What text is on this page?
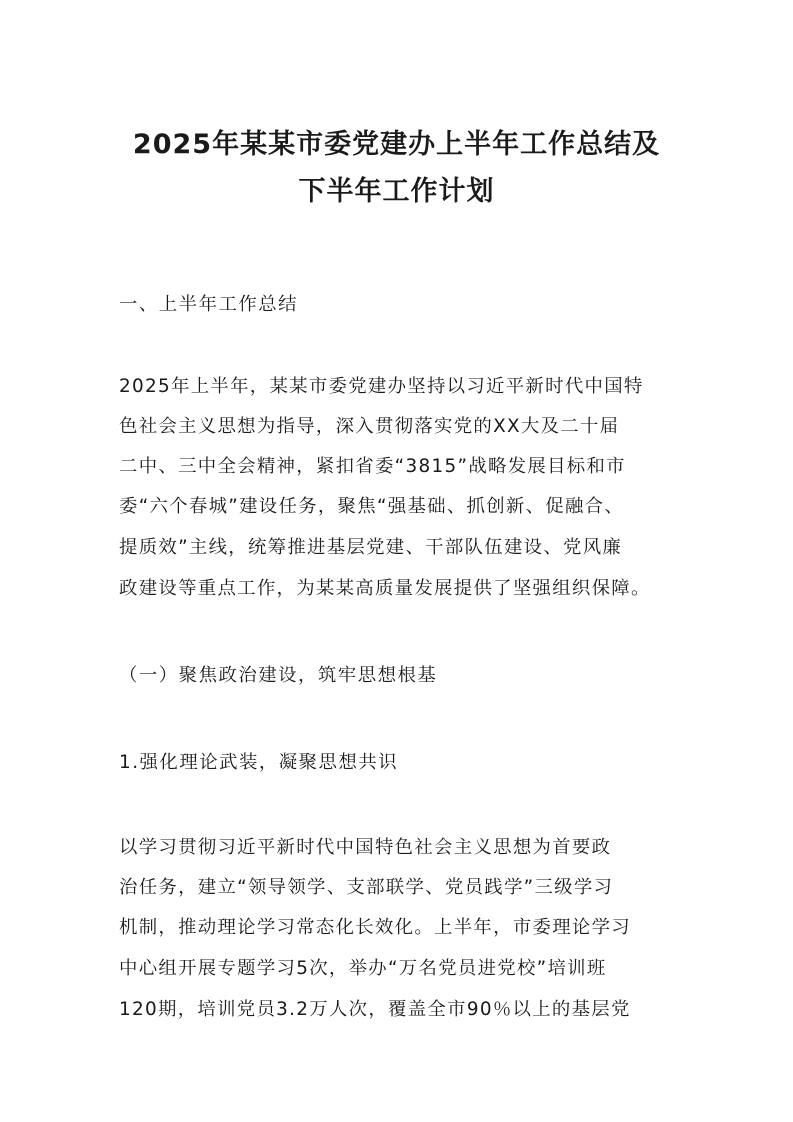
2025年某某市委党建办上半年工作总结及
下半年工作计划
一、上半年工作总结
2025年上半年，某某市委党建办坚持以习近平新时代中国特
色社会主义思想为指导，深入贯彻落实党的XX大及二十届
二中、三中全会精神，紧扣省委“3815”战略发展目标和市
委“六个春城”建设任务，聚焦“强基础、抓创新、促融合、
提质效”主线，统筹推进基层党建、干部队伍建设、党风廉
政建设等重点工作，为某某高质量发展提供了坚强组织保障。
（一）聚焦政治建设，筑牢思想根基
1.强化理论武装，凝聚思想共识
以学习贯彻习近平新时代中国特色社会主义思想为首要政
治任务，建立“领导领学、支部联学、党员践学”三级学习
机制，推动理论学习常态化长效化。上半年，市委理论学习
中心组开展专题学习5次，举办“万名党员进党校”培训班
120期，培训党员3.2万人次，覆盖全市90％以上的基层党
